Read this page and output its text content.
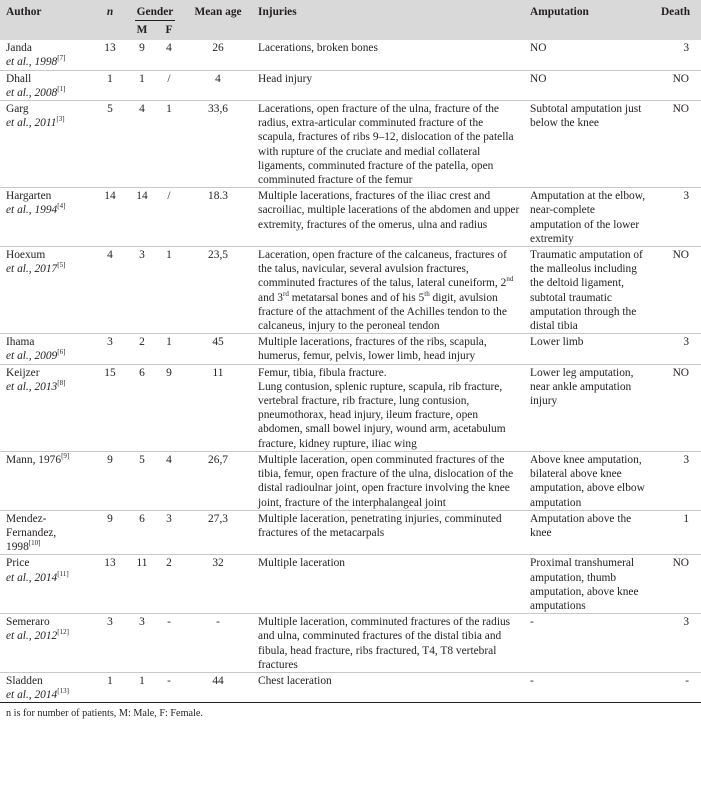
Author	n	Gender		Mean age	Injuries	Amputation	Death
		M	F				
Janda
et al., 1998[7]	13	9	4	26	Lacerations, broken bones	NO	3
Dhall
et al., 2008[1]	1	1	/	4	Head injury	NO	NO
Garg
et al., 2011[3]	5	4	1	33,6	Lacerations, open fracture of the ulna, fracture of the radius, extra-articular comminuted fracture of the scapula, fractures of ribs 9–12, dislocation of the patella with rupture of the cruciate and medial collateral ligaments, comminuted fracture of the patella, open comminuted fracture of the femur	Subtotal amputation just below the knee	NO
Hargarten
et al., 1994[4]	14	14	/	18.3	Multiple lacerations, fractures of the iliac crest and sacroiliac, multiple lacerations of the abdomen and upper extremity, fractures of the omerus, ulna and radius	Amputation at the elbow, near-complete amputation of the lower extremity	3
Hoexum
et al., 2017[5]	4	3	1	23,5	Laceration, open fracture of the calcaneus, fractures of the talus, navicular, several avulsion fractures, comminuted fractures of the talus, lateral cuneiform, 2nd and 3rd metatarsal bones and of his 5th digit, avulsion fracture of the attachment of the Achilles tendon to the calcaneus, injury to the peroneal tendon	Traumatic amputation of the malleolus including the deltoid ligament, subtotal traumatic amputation through the distal tibia	NO
Ihama
et al., 2009[6]	3	2	1	45	Multiple lacerations, fractures of the ribs, scapula, humerus, femur, pelvis, lower limb, head injury	Lower limb	3
Keijzer
et al., 2013[8]	15	6	9	11	Femur, tibia, fibula fracture.
Lung contusion, splenic rupture, scapula, rib fracture, vertebral fracture, rib fracture, lung contusion, pneumothorax, head injury, ileum fracture, open abdomen, small bowel injury, wound arm, acetabulum fracture, kidney rupture, iliac wing	Lower leg amputation, near ankle amputation injury	NO
Mann, 1976[9]	9	5	4	26,7	Multiple laceration, open comminuted fractures of the tibia, femur, open fracture of the ulna, dislocation of the distal radioulnar joint, open fracture involving the knee joint, fracture of the interphalangeal joint	Above knee amputation, bilateral above knee amputation, above elbow amputation	3
Mendez-
Fernandez,
1998[10]	9	6	3	27,3	Multiple laceration, penetrating injuries, comminuted fractures of the metacarpals	Amputation above the knee	1
Price
et al., 2014[11]	13	11	2	32	Multiple laceration	Proximal transhumeral amputation, thumb amputation, above knee amputations	NO
Semeraro
et al., 2012[12]	3	3	-	-	Multiple laceration, comminuted fractures of the radius and ulna, comminuted fractures of the distal tibia and fibula, head fracture, ribs fractured, T4, T8 vertebral fractures	-	3
Sladden
et al., 2014[13]	1	1	-	44	Chest laceration	-	-
n is for number of patients, M: Male, F: Female.							
